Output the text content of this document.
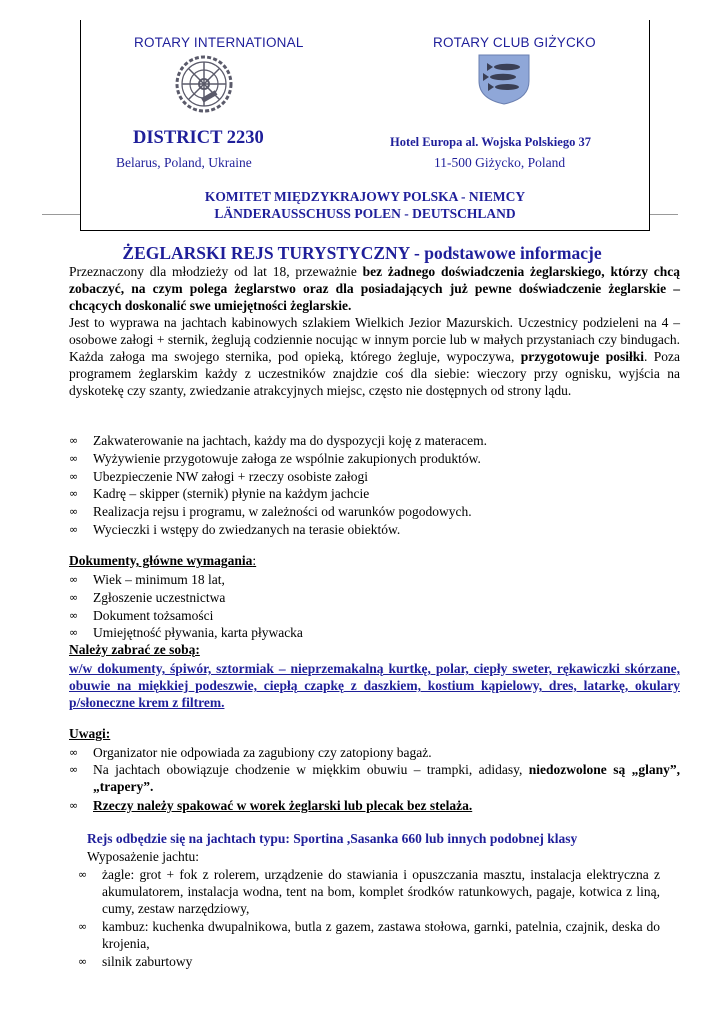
ROTARY INTERNATIONAL	ROTARY CLUB GIŻYCKO
DISTRICT 2230
Belarus, Poland, Ukraine
Hotel Europa al. Wojska Polskiego 37
11-500 Giżycko, Poland
KOMITET MIĘDZYKRAJOWY POLSKA - NIEMCY
LÄNDERAUSSCHUSS POLEN - DEUTSCHLAND
ŻEGLARSKI REJS TURYSTYCZNY - podstawowe informacje

Przeznaczony dla młodzieży od lat 18, przeważnie bez żadnego doświadczenia żeglarskiego, którzy chcą zobaczyć, na czym polega żeglarstwo oraz dla posiadających już pewne doświadczenie żeglarskie – chcących doskonalić swe umiejętności żeglarskie.

Jest to wyprawa na jachtach kabinowych szlakiem Wielkich Jezior Mazurskich. Uczestnicy podzieleni na 4 – osobowe załogi + sternik, żeglują codziennie nocując w innym porcie lub w małych przystaniach czy bindugach. Każda załoga ma swojego sternika, pod opieką, którego żegluje, wypoczywa, przygotowuje posiłki. Poza programem żeglarskim każdy z uczestników znajdzie coś dla siebie: wieczory przy ognisku, wyjścia na dyskotekę czy szanty, zwiedzanie atrakcyjnych miejsc, często nie dostępnych od strony lądu.

∞ Zakwaterowanie na jachtach, każdy ma do dyspozycji koję z materacem.
∞ Wyżywienie przygotowuje załoga ze wspólnie zakupionych produktów.
∞ Ubezpieczenie NW załogi + rzeczy osobiste załogi
∞ Kadrę – skipper (sternik) płynie na każdym jachcie
∞ Realizacja rejsu i programu, w zależności od warunków pogodowych.
∞ Wycieczki i wstępy do zwiedzanych na terasie obiektów.
Dokumenty, główne wymagania:
∞ Wiek – minimum 18 lat,
∞ Zgłoszenie uczestnictwa
∞ Dokument tożsamości
∞ Umiejętność pływania, karta pływacka
Należy zabrać ze sobą:

w/w dokumenty, śpiwór, sztormiak – nieprzemakalną kurtkę, polar, ciepły sweter, rękawiczki skórzane, obuwie na miękkiej podeszwie, ciepłą czapkę z daszkiem, kostium kąpielowy, dres, latarkę, okulary p/słoneczne krem z filtrem.

Uwagi:
∞ Organizator nie odpowiada za zagubiony czy zatopiony bagaż.
∞ Na jachtach obowiązuje chodzenie w miękkim obuwiu – trampki, adidasy, niedozwolone są „glany”, „trapery”.
∞ Rzeczy należy spakować w worek żeglarski lub plecak bez stelaża.
Rejs odbędzie się na jachtach typu: Sportina ,Sasanka 660 lub innych podobnej klasy
Wyposażenie jachtu:
∞ żagle: grot + fok z rolerem, urządzenie do stawiania i opuszczania masztu, instalacja elektryczna z akumulatorem, instalacja wodna, tent na bom, komplet środków ratunkowych, pagaje, kotwica z liną, cumy, zestaw narzędziowy,
∞ kambuz: kuchenka dwupalnikowa, butla z gazem, zastawa stołowa, garnki, patelnia, czajnik, deska do krojenia,
∞ silnik zaburtowy
